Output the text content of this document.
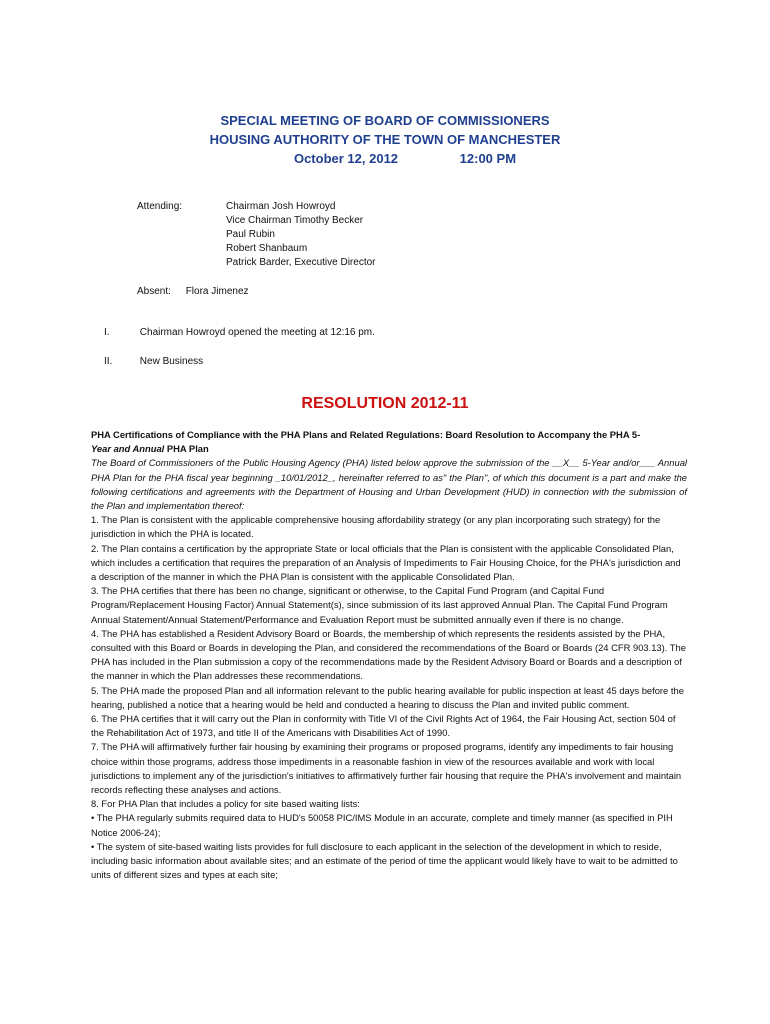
SPECIAL MEETING OF BOARD OF COMMISSIONERS
HOUSING AUTHORITY OF THE TOWN OF MANCHESTER
October 12, 2012	12:00 PM
Attending:	Chairman Josh Howroyd
Vice Chairman Timothy Becker
Paul Rubin
Robert Shanbaum
Patrick Barder, Executive Director
Absent: Flora Jimenez
I.	Chairman Howroyd opened the meeting at 12:16 pm.
II.	New Business
RESOLUTION 2012-11

PHA Certifications of Compliance with the PHA Plans and Related Regulations: Board Resolution to Accompany the PHA 5-
Year and Annual PHA Plan

The Board of Commissioners of the Public Housing Agency (PHA) listed below approve the submission of the __X__ 5-Year and/or___ Annual PHA Plan for the PHA fiscal year beginning _10/01/2012_, hereinafter referred to as" the Plan", of which this document is a part and make the following certifications and agreements with the Department of Housing and Urban Development (HUD) in connection with the submission of the Plan and implementation thereof:

1. The Plan is consistent with the applicable comprehensive housing affordability strategy (or any plan incorporating such strategy) for the jurisdiction in which the PHA is located.

2. The Plan contains a certification by the appropriate State or local officials that the Plan is consistent with the applicable Consolidated Plan, which includes a certification that requires the preparation of an Analysis of Impediments to Fair Housing Choice, for the PHA's jurisdiction and a description of the manner in which the PHA Plan is consistent with the applicable Consolidated Plan.

3. The PHA certifies that there has been no change, significant or otherwise, to the Capital Fund Program (and Capital Fund Program/Replacement Housing Factor) Annual Statement(s), since submission of its last approved Annual Plan. The Capital Fund Program Annual Statement/Annual Statement/Performance and Evaluation Report must be submitted annually even if there is no change.

4. The PHA has established a Resident Advisory Board or Boards, the membership of which represents the residents assisted by the PHA, consulted with this Board or Boards in developing the Plan, and considered the recommendations of the Board or Boards (24 CFR 903.13). The PHA has included in the Plan submission a copy of the recommendations made by the Resident Advisory Board or Boards and a description of the manner in which the Plan addresses these recommendations.

5. The PHA made the proposed Plan and all information relevant to the public hearing available for public inspection at least 45 days before the hearing, published a notice that a hearing would be held and conducted a hearing to discuss the Plan and invited public comment.

6. The PHA certifies that it will carry out the Plan in conformity with Title VI of the Civil Rights Act of 1964, the Fair Housing Act, section 504 of the Rehabilitation Act of 1973, and title II of the Americans with Disabilities Act of 1990.

7. The PHA will affirmatively further fair housing by examining their programs or proposed programs, identify any impediments to fair housing choice within those programs, address those impediments in a reasonable fashion in view of the resources available and work with local jurisdictions to implement any of the jurisdiction's initiatives to affirmatively further fair housing that require the PHA's involvement and maintain records reflecting these analyses and actions.

8. For PHA Plan that includes a policy for site based waiting lists:

• The PHA regularly submits required data to HUD's 50058 PIC/IMS Module in an accurate, complete and timely manner (as specified in PIH Notice 2006-24);

• The system of site-based waiting lists provides for full disclosure to each applicant in the selection of the development in which to reside, including basic information about available sites; and an estimate of the period of time the applicant would likely have to wait to be admitted to units of different sizes and types at each site;
